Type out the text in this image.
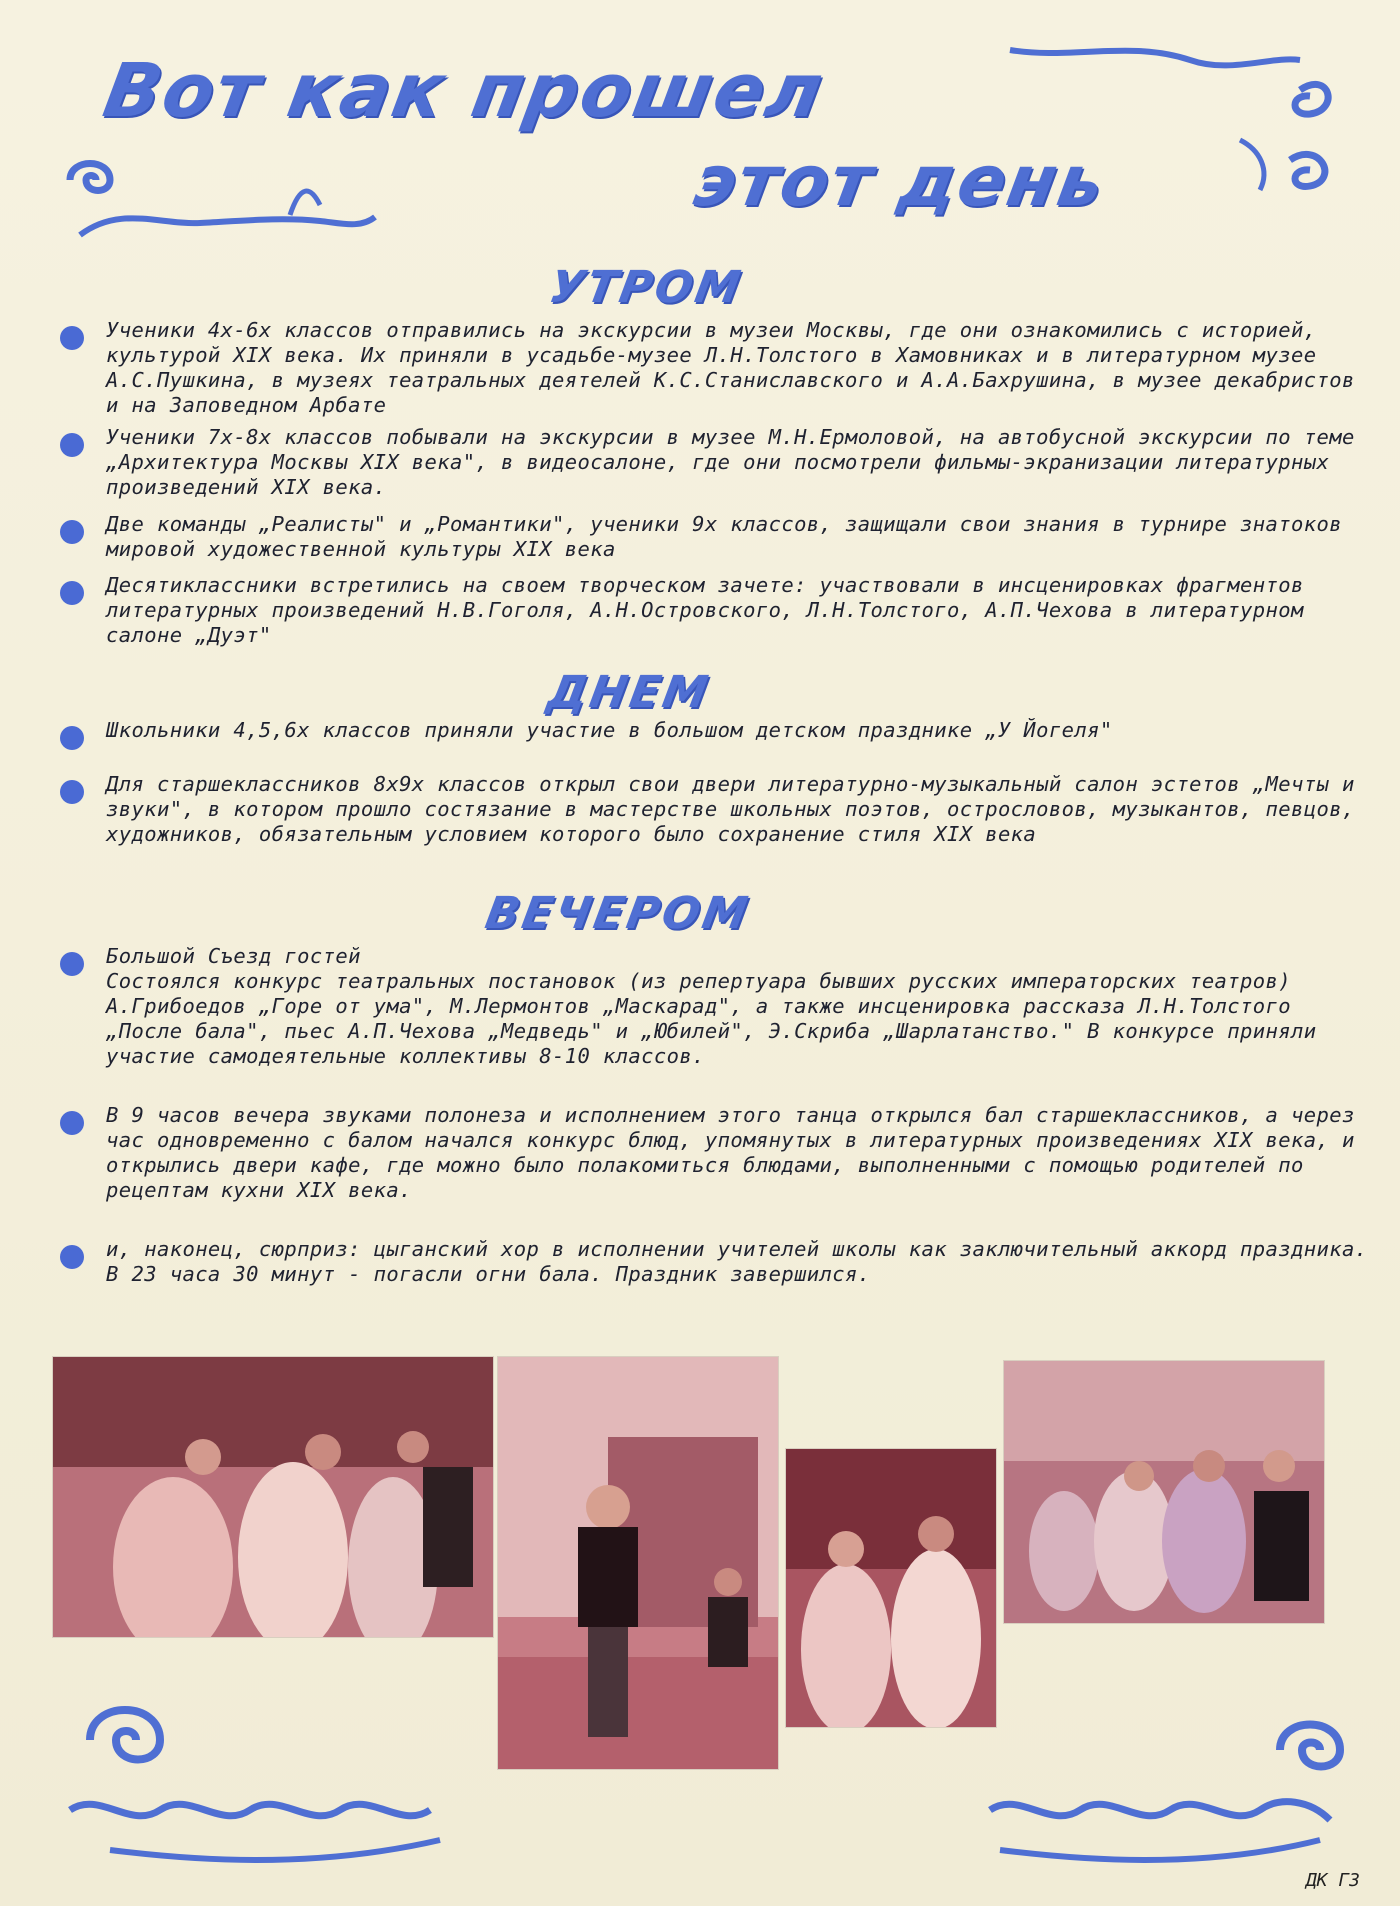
Вот как прошел
этот день
УТРОМ
Ученики 4х-6х классов отправились на экскурсии в музеи Москвы, где они ознакомились с историей, культурой XIX века. Их приняли в усадьбе-музее Л.Н.Толстого в Хамовниках и в литературном музее А.С.Пушкина, в музеях театральных деятелей К.С.Станиславского и А.А.Бахрушина, в музее декабристов и на Заповедном Арбате
Ученики 7х-8х классов побывали на экскурсии в музее М.Н.Ермоловой, на автобусной экскурсии по теме „Архитектура Москвы XIX века", в видеосалоне, где они посмотрели фильмы-экранизации литературных произведений XIX века.
Две команды „Реалисты" и „Романтики", ученики 9х классов, защищали свои знания в турнире знатоков мировой художественной культуры XIX века
Десятиклассники встретились на своем творческом зачете: участвовали в инсценировках фрагментов литературных произведений Н.В.Гоголя, А.Н.Островского, Л.Н.Толстого, А.П.Чехова в литературном салоне „Дуэт"
ДНЕМ
Школьники 4,5,6х классов приняли участие в большом детском празднике „У Йогеля"
Для старшеклассников 8х9х классов открыл свои двери литературно-музыкальный салон эстетов „Мечты и звуки", в котором прошло состязание в мастерстве школьных поэтов, остроcловов, музыкантов, певцов, художников, обязательным условием которого было сохранение стиля XIX века
ВЕЧЕРОМ
Большой Съезд гостей
Состоялся конкурс театральных постановок (из репертуара бывших русских императорских театров) А.Грибоедов „Горе от ума", М.Лермонтов „Маскарад", а также инсценировка рассказа Л.Н.Толстого „После бала", пьес А.П.Чехова „Медведь" и „Юбилей", Э.Скриба „Шарлатанство." В конкурсе приняли участие самодеятельные коллективы 8-10 классов.
В 9 часов вечера звуками полонеза и исполнением этого танца открылся бал старшеклассников, а через час одновременно с балом начался конкурс блюд, упомянутых в литературных произведениях XIX века, и открылись двери кафе, где можно было полакомиться блюдами, выполненными с помощью родителей по рецептам кухни XIX века.
и, наконец, сюрприз: цыганский хор в исполнении учителей школы как заключительный аккорд праздника.
В 23 часа 30 минут - погасли огни бала. Праздник завершился.
ДК Г3
